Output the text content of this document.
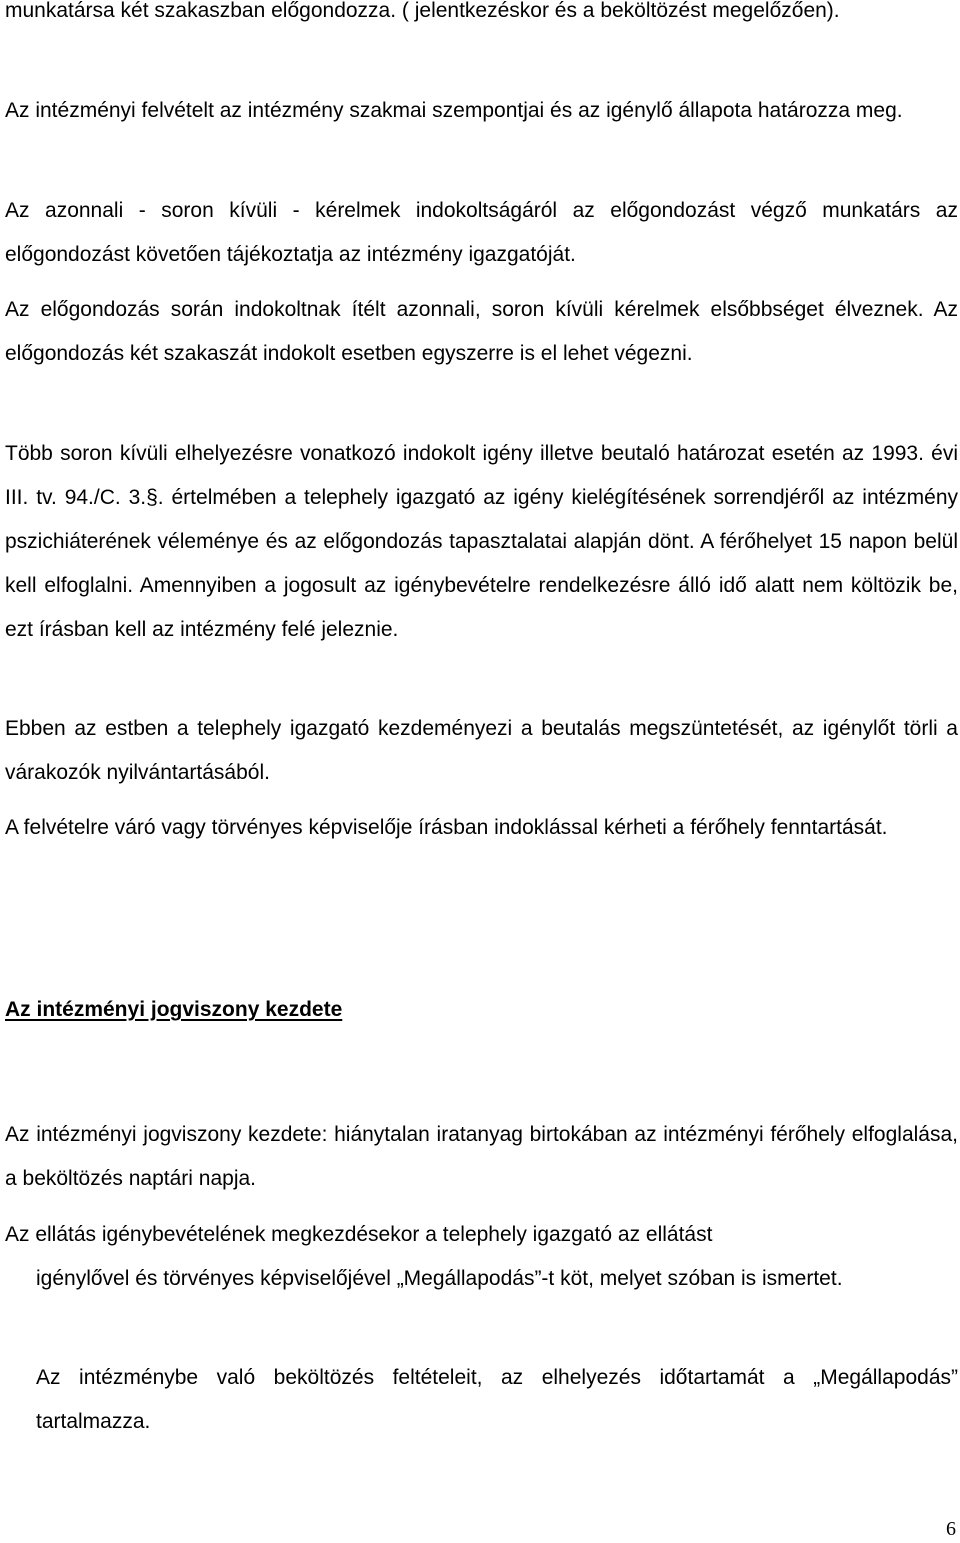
munkatársa két szakaszban előgondozza. ( jelentkezéskor és a beköltözést megelőzően).

Az intézményi felvételt az intézmény szakmai szempontjai és az igénylő állapota határozza meg.

Az azonnali - soron kívüli - kérelmek indokoltságáról az előgondozást végző munkatárs az előgondozást követően tájékoztatja az intézmény igazgatóját.

Az előgondozás során indokoltnak ítélt azonnali, soron kívüli kérelmek elsőbbséget élveznek. Az előgondozás két szakaszát indokolt esetben egyszerre is el lehet végezni.

Több soron kívüli elhelyezésre vonatkozó indokolt igény illetve beutaló határozat esetén az 1993. évi III. tv. 94./C. 3.§. értelmében a telephely igazgató az igény kielégítésének sorrendjéről az intézmény pszichiáterének véleménye és az előgondozás tapasztalatai alapján dönt. A férőhelyet 15 napon belül kell elfoglalni. Amennyiben a jogosult az igénybevételre rendelkezésre álló idő alatt nem költözik be, ezt írásban kell az intézmény felé jeleznie.

Ebben az estben a telephely igazgató kezdeményezi a beutalás megszüntetését, az igénylőt törli a várakozók nyilvántartásából.

A felvételre váró vagy törvényes képviselője írásban indoklással kérheti a férőhely fenntartását.

Az intézményi jogviszony kezdete

Az intézményi jogviszony kezdete: hiánytalan iratanyag birtokában az intézményi férőhely elfoglalása, a beköltözés naptári napja.

Az ellátás igénybevételének megkezdésekor a telephely igazgató az ellátást

igénylővel és törvényes képviselőjével „Megállapodás”-t köt, melyet szóban is ismertet.

Az intézménybe való beköltözés feltételeit, az elhelyezés időtartamát a „Megállapodás” tartalmazza.

6
